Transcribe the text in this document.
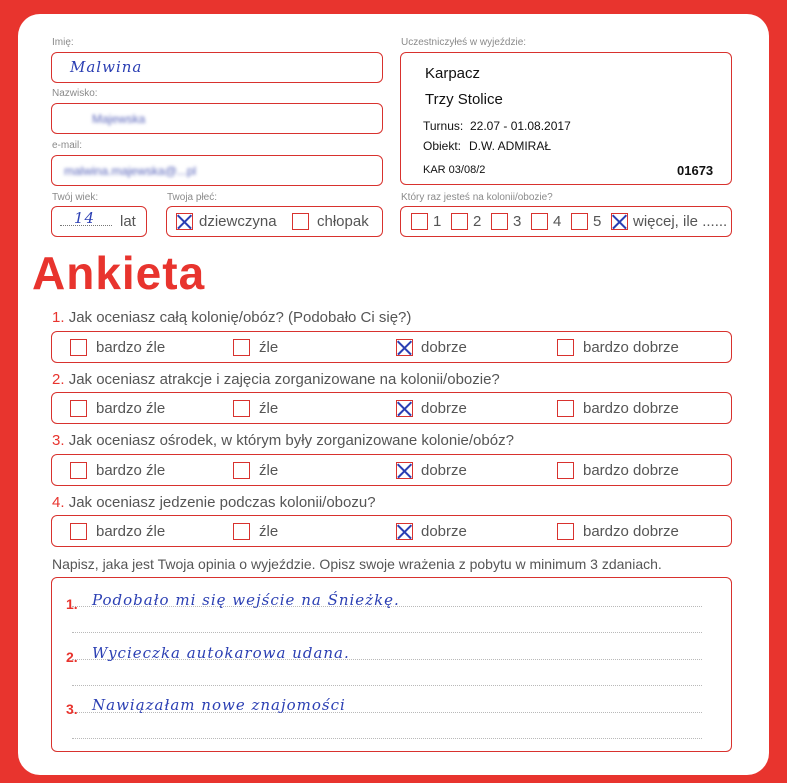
Imię:
Malwina
Nazwisko:
Majewska
e-mail:
malwina.majewska@...pl
Twój wiek:
14 lat
Twoja płeć:
dziewczyna	chłopak
Uczestniczyłeś w wyjeździe:
Karpacz
Trzy Stolice
Turnus: 22.07 - 01.08.2017
Obiekt: D.W. ADMIRAŁ
KAR 03/08/2	01673
Który raz jesteś na kolonii/obozie?
1 2 3 4 5 więcej, ile ......
Ankieta
1. Jak oceniasz całą kolonię/obóz? (Podobało Ci się?)
bardzo źle	źle	dobrze	bardzo dobrze
2. Jak oceniasz atrakcje i zajęcia zorganizowane na kolonii/obozie?
bardzo źle	źle	dobrze	bardzo dobrze
3. Jak oceniasz ośrodek, w którym były zorganizowane kolonie/obóz?
bardzo źle	źle	dobrze	bardzo dobrze
4. Jak oceniasz jedzenie podczas kolonii/obozu?
bardzo źle	źle	dobrze	bardzo dobrze
Napisz, jaka jest Twoja opinia o wyjeździe. Opisz swoje wrażenia z pobytu w minimum 3 zdaniach.
1. Podobało mi się wejście na Śnieżkę.
2. Wycieczka autokarowa udana.
3. Nawiązałam nowe znajomości
